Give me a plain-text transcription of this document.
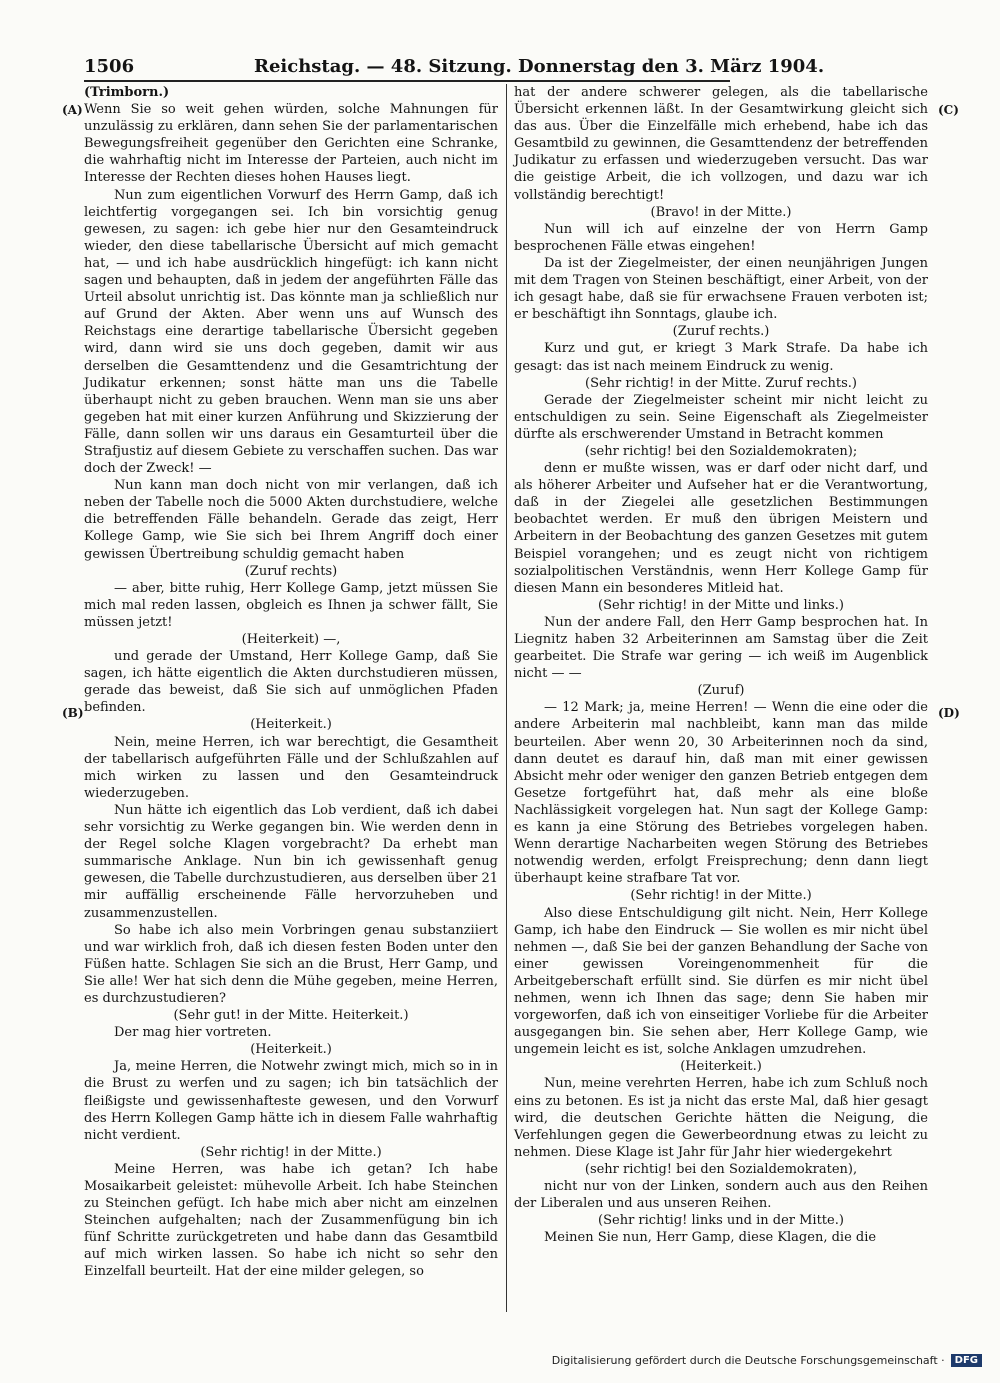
1506	Reichstag. — 48. Sitzung. Donnerstag den 3. März 1904.
(A)
(B)
(C)
(D)

(Trimborn.)

Wenn Sie so weit gehen würden, solche Mahnungen für unzulässig zu erklären, dann sehen Sie der parlamentarischen Bewegungsfreiheit gegenüber den Gerichten eine Schranke, die wahrhaftig nicht im Interesse der Parteien, auch nicht im Interesse der Rechten dieses hohen Hauses liegt.

Nun zum eigentlichen Vorwurf des Herrn Gamp, daß ich leichtfertig vorgegangen sei. Ich bin vorsichtig genug gewesen, zu sagen: ich gebe hier nur den Gesamteindruck wieder, den diese tabellarische Übersicht auf mich gemacht hat, — und ich habe ausdrücklich hingefügt: ich kann nicht sagen und behaupten, daß in jedem der angeführten Fälle das Urteil absolut unrichtig ist. Das könnte man ja schließlich nur auf Grund der Akten. Aber wenn uns auf Wunsch des Reichstags eine derartige tabellarische Übersicht gegeben wird, dann wird sie uns doch gegeben, damit wir aus derselben die Gesamttendenz und die Gesamtrichtung der Judikatur erkennen; sonst hätte man uns die Tabelle überhaupt nicht zu geben brauchen. Wenn man sie uns aber gegeben hat mit einer kurzen Anführung und Skizzierung der Fälle, dann sollen wir uns daraus ein Gesamturteil über die Strafjustiz auf diesem Gebiete zu verschaffen suchen. Das war doch der Zweck! —

Nun kann man doch nicht von mir verlangen, daß ich neben der Tabelle noch die 5000 Akten durchstudiere, welche die betreffenden Fälle behandeln. Gerade das zeigt, Herr Kollege Gamp, wie Sie sich bei Ihrem Angriff doch einer gewissen Übertreibung schuldig gemacht haben

(Zuruf rechts)

— aber, bitte ruhig, Herr Kollege Gamp, jetzt müssen Sie mich mal reden lassen, obgleich es Ihnen ja schwer fällt, Sie müssen jetzt!

(Heiterkeit) —,

und gerade der Umstand, Herr Kollege Gamp, daß Sie sagen, ich hätte eigentlich die Akten durchstudieren müssen, gerade das beweist, daß Sie sich auf unmöglichen Pfaden befinden.

(Heiterkeit.)

Nein, meine Herren, ich war berechtigt, die Gesamtheit der tabellarisch aufgeführten Fälle und der Schlußzahlen auf mich wirken zu lassen und den Gesamteindruck wiederzugeben.

Nun hätte ich eigentlich das Lob verdient, daß ich dabei sehr vorsichtig zu Werke gegangen bin. Wie werden denn in der Regel solche Klagen vorgebracht? Da erhebt man summarische Anklage. Nun bin ich gewissenhaft genug gewesen, die Tabelle durchzustudieren, aus derselben über 21 mir auffällig erscheinende Fälle hervorzuheben und zusammenzustellen.

So habe ich also mein Vorbringen genau substanziiert und war wirklich froh, daß ich diesen festen Boden unter den Füßen hatte. Schlagen Sie sich an die Brust, Herr Gamp, und Sie alle! Wer hat sich denn die Mühe gegeben, meine Herren, es durchzustudieren?

(Sehr gut! in der Mitte. Heiterkeit.)

Der mag hier vortreten.

(Heiterkeit.)

Ja, meine Herren, die Notwehr zwingt mich, mich so in in die Brust zu werfen und zu sagen; ich bin tatsächlich der fleißigste und gewissenhafteste gewesen, und den Vorwurf des Herrn Kollegen Gamp hätte ich in diesem Falle wahrhaftig nicht verdient.

(Sehr richtig! in der Mitte.)

Meine Herren, was habe ich getan? Ich habe Mosaikarbeit geleistet: mühevolle Arbeit. Ich habe Steinchen zu Steinchen gefügt. Ich habe mich aber nicht am einzelnen Steinchen aufgehalten; nach der Zusammenfügung bin ich fünf Schritte zurückgetreten und habe dann das Gesamtbild auf mich wirken lassen. So habe ich nicht so sehr den Einzelfall beurteilt. Hat der eine milder gelegen, so

hat der andere schwerer gelegen, als die tabellarische Übersicht erkennen läßt. In der Gesamtwirkung gleicht sich das aus. Über die Einzelfälle mich erhebend, habe ich das Gesamtbild zu gewinnen, die Gesamttendenz der betreffenden Judikatur zu erfassen und wiederzugeben versucht. Das war die geistige Arbeit, die ich vollzogen, und dazu war ich vollständig berechtigt!

(Bravo! in der Mitte.)

Nun will ich auf einzelne der von Herrn Gamp besprochenen Fälle etwas eingehen!

Da ist der Ziegelmeister, der einen neunjährigen Jungen mit dem Tragen von Steinen beschäftigt, einer Arbeit, von der ich gesagt habe, daß sie für erwachsene Frauen verboten ist; er beschäftigt ihn Sonntags, glaube ich.

(Zuruf rechts.)

Kurz und gut, er kriegt 3 Mark Strafe. Da habe ich gesagt: das ist nach meinem Eindruck zu wenig.

(Sehr richtig! in der Mitte. Zuruf rechts.)

Gerade der Ziegelmeister scheint mir nicht leicht zu entschuldigen zu sein. Seine Eigenschaft als Ziegelmeister dürfte als erschwerender Umstand in Betracht kommen

(sehr richtig! bei den Sozialdemokraten);

denn er mußte wissen, was er darf oder nicht darf, und als höherer Arbeiter und Aufseher hat er die Verantwortung, daß in der Ziegelei alle gesetzlichen Bestimmungen beobachtet werden. Er muß den übrigen Meistern und Arbeitern in der Beobachtung des ganzen Gesetzes mit gutem Beispiel vorangehen; und es zeugt nicht von richtigem sozialpolitischen Verständnis, wenn Herr Kollege Gamp für diesen Mann ein besonderes Mitleid hat.

(Sehr richtig! in der Mitte und links.)

Nun der andere Fall, den Herr Gamp besprochen hat. In Liegnitz haben 32 Arbeiterinnen am Samstag über die Zeit gearbeitet. Die Strafe war gering — ich weiß im Augenblick nicht — —

(Zuruf)

— 12 Mark; ja, meine Herren! — Wenn die eine oder die andere Arbeiterin mal nachbleibt, kann man das milde beurteilen. Aber wenn 20, 30 Arbeiterinnen noch da sind, dann deutet es darauf hin, daß man mit einer gewissen Absicht mehr oder weniger den ganzen Betrieb entgegen dem Gesetze fortgeführt hat, daß mehr als eine bloße Nachlässigkeit vorgelegen hat. Nun sagt der Kollege Gamp: es kann ja eine Störung des Betriebes vorgelegen haben. Wenn derartige Nacharbeiten wegen Störung des Betriebes notwendig werden, erfolgt Freisprechung; denn dann liegt überhaupt keine strafbare Tat vor.

(Sehr richtig! in der Mitte.)

Also diese Entschuldigung gilt nicht. Nein, Herr Kollege Gamp, ich habe den Eindruck — Sie wollen es mir nicht übel nehmen —, daß Sie bei der ganzen Behandlung der Sache von einer gewissen Voreingenommenheit für die Arbeitgeberschaft erfüllt sind. Sie dürfen es mir nicht übel nehmen, wenn ich Ihnen das sage; denn Sie haben mir vorgeworfen, daß ich von einseitiger Vorliebe für die Arbeiter ausgegangen bin. Sie sehen aber, Herr Kollege Gamp, wie ungemein leicht es ist, solche Anklagen umzudrehen.

(Heiterkeit.)

Nun, meine verehrten Herren, habe ich zum Schluß noch eins zu betonen. Es ist ja nicht das erste Mal, daß hier gesagt wird, die deutschen Gerichte hätten die Neigung, die Verfehlungen gegen die Gewerbeordnung etwas zu leicht zu nehmen. Diese Klage ist Jahr für Jahr hier wiedergekehrt

(sehr richtig! bei den Sozialdemokraten),

nicht nur von der Linken, sondern auch aus den Reihen der Liberalen und aus unseren Reihen.

(Sehr richtig! links und in der Mitte.)

Meinen Sie nun, Herr Gamp, diese Klagen, die die

Digitalisierung gefördert durch die Deutsche Forschungsgemeinschaft ·	DFG
